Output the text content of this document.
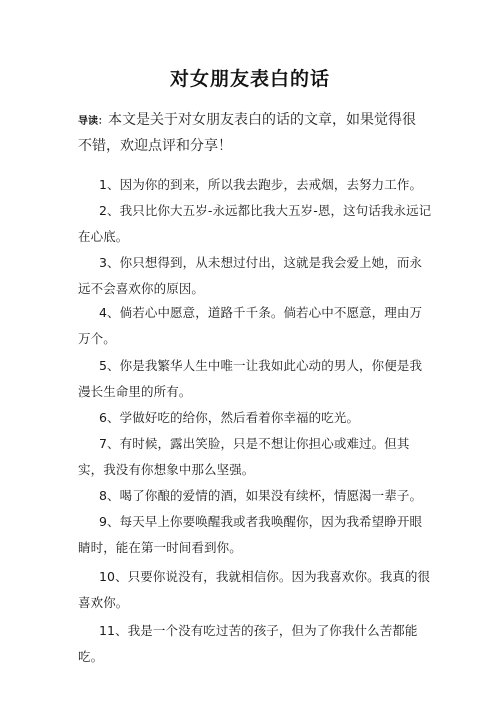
对女朋友表白的话
导读：本文是关于对女朋友表白的话的文章，如果觉得很不错，欢迎点评和分享！
1、因为你的到来，所以我去跑步，去戒烟，去努力工作。
2、我只比你大五岁-永远都比我大五岁-恩，这句话我永远记在心底。
3、你只想得到，从未想过付出，这就是我会爱上她，而永远不会喜欢你的原因。
4、倘若心中愿意，道路千千条。倘若心中不愿意，理由万万个。
5、你是我繁华人生中唯一让我如此心动的男人，你便是我漫长生命里的所有。
6、学做好吃的给你，然后看着你幸福的吃光。
7、有时候，露出笑脸，只是不想让你担心或难过。但其实，我没有你想象中那么坚强。
8、喝了你酿的爱情的酒，如果没有续杯，情愿渴一辈子。
9、每天早上你要唤醒我或者我唤醒你，因为我希望睁开眼睛时，能在第一时间看到你。
10、只要你说没有，我就相信你。因为我喜欢你。我真的很喜欢你。
11、我是一个没有吃过苦的孩子，但为了你我什么苦都能吃。
